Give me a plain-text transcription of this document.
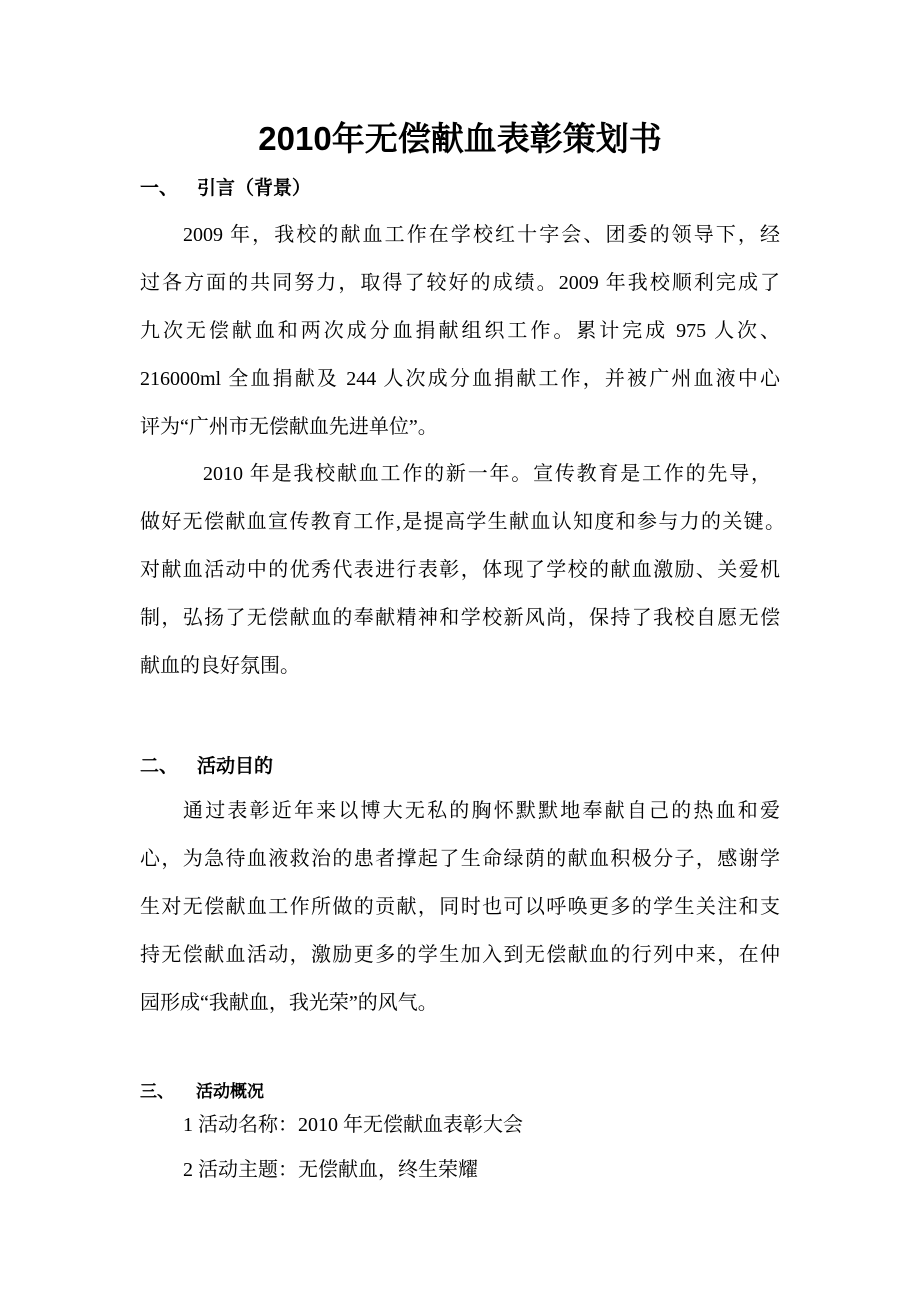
2010年无偿献血表彰策划书
一、 引言（背景）
2009 年，我校的献血工作在学校红十字会、团委的领导下，经
过各方面的共同努力，取得了较好的成绩。2009 年我校顺利完成了
九次无偿献血和两次成分血捐献组织工作。累计完成 975 人次、
216000ml 全血捐献及 244 人次成分血捐献工作，并被广州血液中心
评为“广州市无偿献血先进单位”。
2010 年是我校献血工作的新一年。宣传教育是工作的先导，
做好无偿献血宣传教育工作,是提高学生献血认知度和参与力的关键。
对献血活动中的优秀代表进行表彰，体现了学校的献血激励、关爱机
制，弘扬了无偿献血的奉献精神和学校新风尚，保持了我校自愿无偿
献血的良好氛围。
二、 活动目的
通过表彰近年来以博大无私的胸怀默默地奉献自己的热血和爱
心，为急待血液救治的患者撑起了生命绿荫的献血积极分子，感谢学
生对无偿献血工作所做的贡献，同时也可以呼唤更多的学生关注和支
持无偿献血活动，激励更多的学生加入到无偿献血的行列中来，在仲
园形成“我献血，我光荣”的风气。
三、 活动概况
1 活动名称：2010 年无偿献血表彰大会
2 活动主题：无偿献血，终生荣耀
